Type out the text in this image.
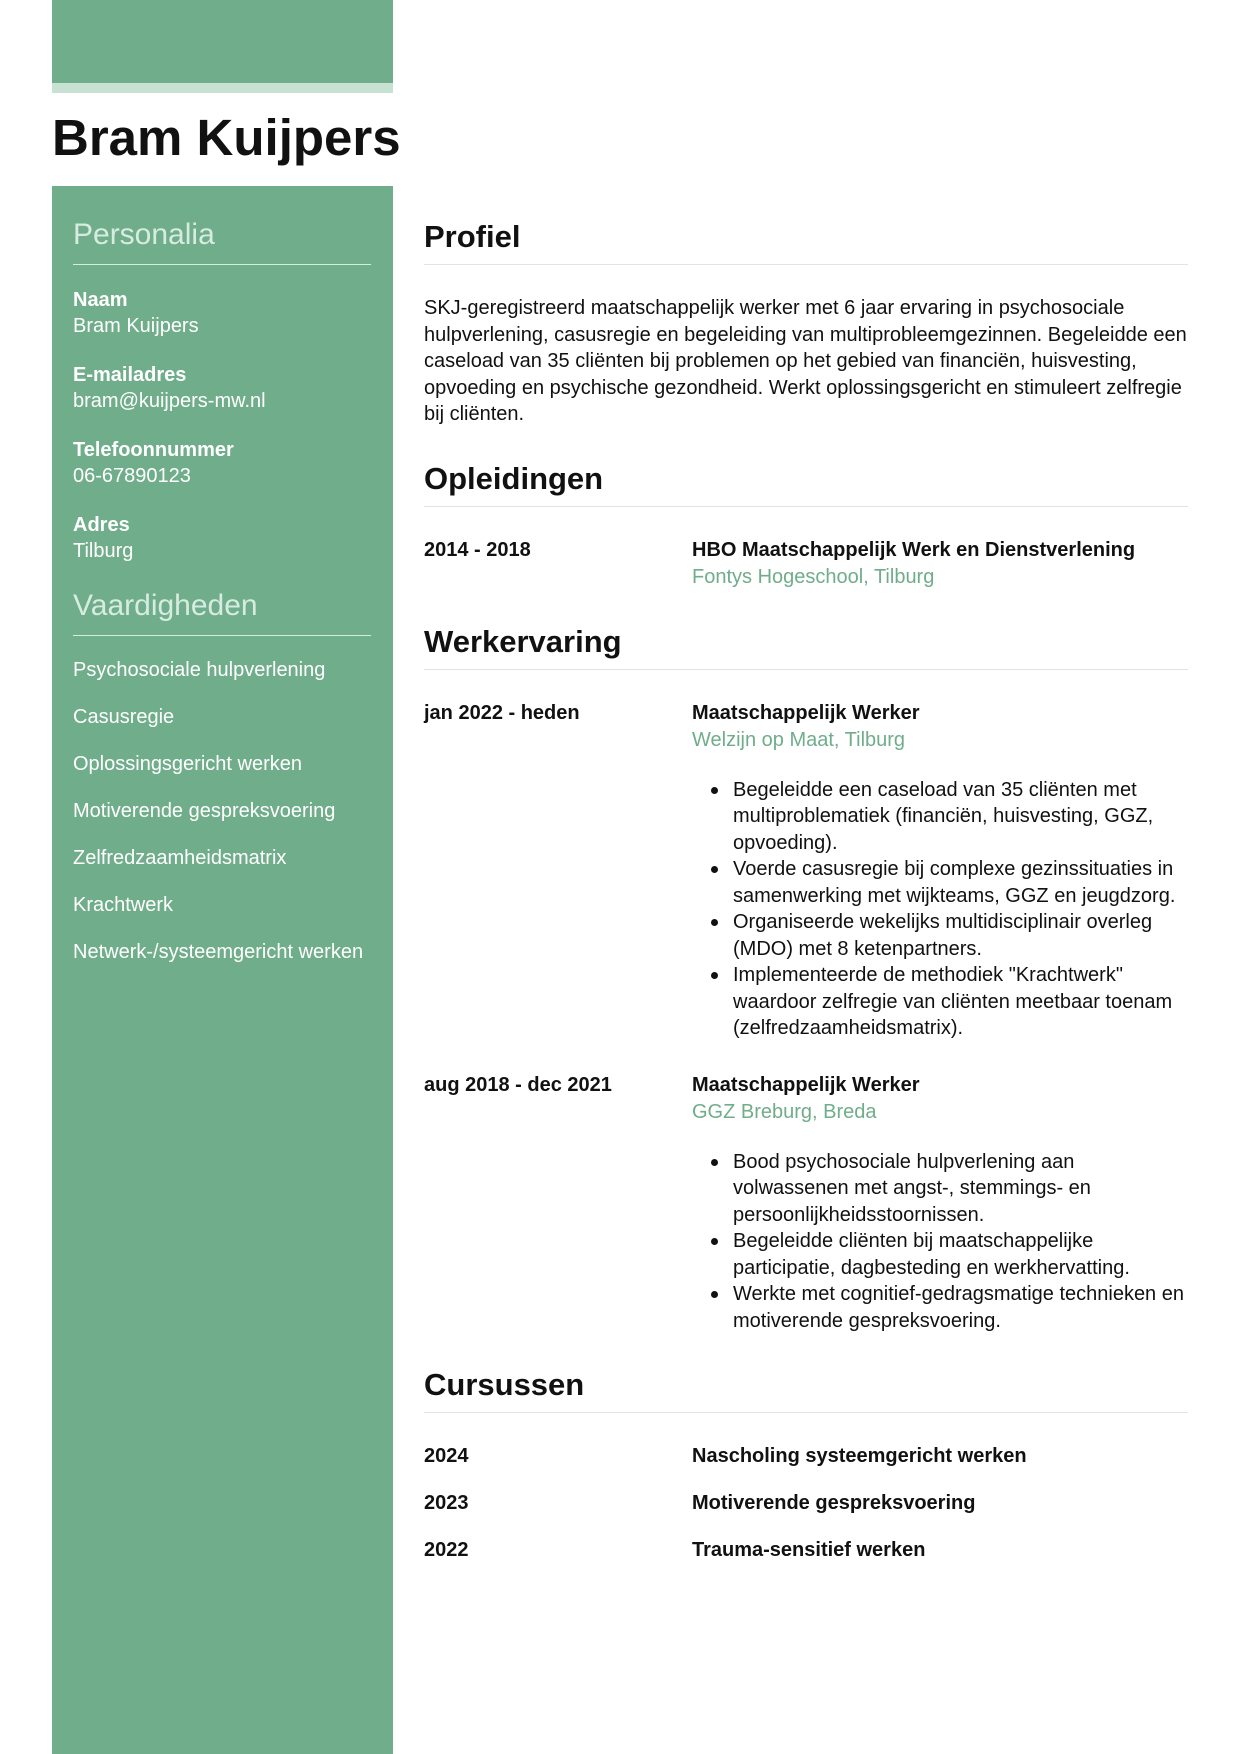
Bram Kuijpers
Personalia
Naam
Bram Kuijpers
E-mailadres
bram@kuijpers-mw.nl
Telefoonnummer
06-67890123
Adres
Tilburg
Vaardigheden
Psychosociale hulpverlening
Casusregie
Oplossingsgericht werken
Motiverende gespreksvoering
Zelfredzaamheidsmatrix
Krachtwerk
Netwerk-/systeemgericht werken
Profiel

SKJ-geregistreerd maatschappelijk werker met 6 jaar ervaring in psychosociale hulpverlening, casusregie en begeleiding van multiprobleemgezinnen. Begeleidde een caseload van 35 cliënten bij problemen op het gebied van financiën, huisvesting, opvoeding en psychische gezondheid. Werkt oplossingsgericht en stimuleert zelfregie bij cliënten.

Opleidingen
2014 - 2018	HBO Maatschappelijk Werk en Dienstverlening
Fontys Hogeschool, Tilburg
Werkervaring
jan 2022 - heden	Maatschappelijk Werker
Welzijn op Maat, Tilburg
Begeleidde een caseload van 35 cliënten met multiproblematiek (financiën, huisvesting, GGZ, opvoeding).
Voerde casusregie bij complexe gezinssituaties in samenwerking met wijkteams, GGZ en jeugdzorg.
Organiseerde wekelijks multidisciplinair overleg (MDO) met 8 ketenpartners.
Implementeerde de methodiek "Krachtwerk" waardoor zelfregie van cliënten meetbaar toenam (zelfredzaamheidsmatrix).
aug 2018 - dec 2021	Maatschappelijk Werker
GGZ Breburg, Breda
Bood psychosociale hulpverlening aan volwassenen met angst-, stemmings- en persoonlijkheidsstoornissen.
Begeleidde cliënten bij maatschappelijke participatie, dagbesteding en werkhervatting.
Werkte met cognitief-gedragsmatige technieken en motiverende gespreksvoering.
Cursussen
2024	Nascholing systeemgericht werken
2023	Motiverende gespreksvoering
2022	Trauma-sensitief werken
